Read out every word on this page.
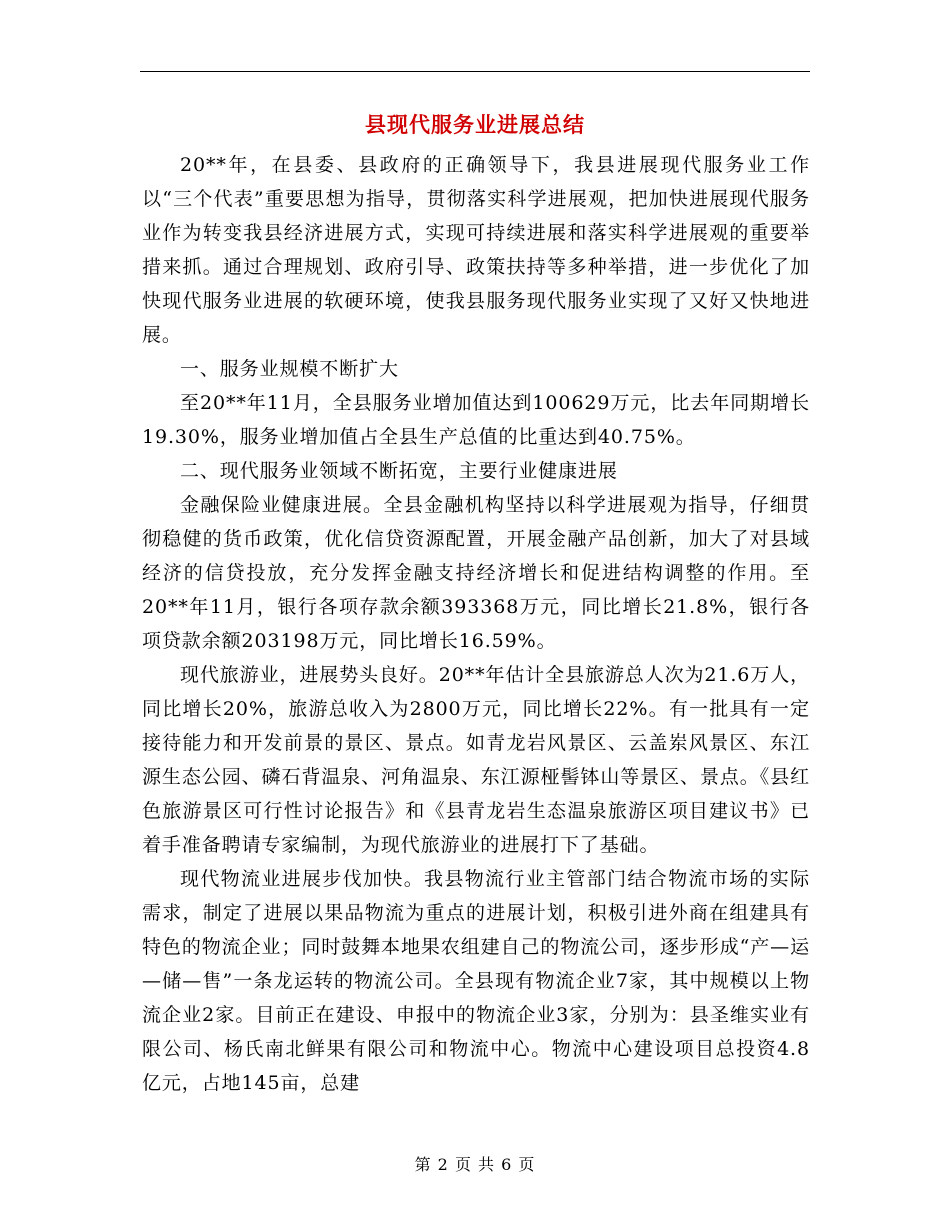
县现代服务业进展总结

20**年，在县委、县政府的正确领导下，我县进展现代服务业工作以“三个代表”重要思想为指导，贯彻落实科学进展观，把加快进展现代服务业作为转变我县经济进展方式，实现可持续进展和落实科学进展观的重要举措来抓。通过合理规划、政府引导、政策扶持等多种举措，进一步优化了加快现代服务业进展的软硬环境，使我县服务现代服务业实现了又好又快地进展。

一、服务业规模不断扩大

至20**年11月，全县服务业增加值达到100629万元，比去年同期增长19.30%，服务业增加值占全县生产总值的比重达到40.75%。

二、现代服务业领域不断拓宽，主要行业健康进展

金融保险业健康进展。全县金融机构坚持以科学进展观为指导，仔细贯彻稳健的货币政策，优化信贷资源配置，开展金融产品创新，加大了对县域经济的信贷投放，充分发挥金融支持经济增长和促进结构调整的作用。至20**年11月，银行各项存款余额393368万元，同比增长21.8%，银行各项贷款余额203198万元，同比增长16.59%。

现代旅游业，进展势头良好。20**年估计全县旅游总人次为21.6万人，同比增长20%，旅游总收入为2800万元，同比增长22%。有一批具有一定接待能力和开发前景的景区、景点。如青龙岩风景区、云盖岽风景区、东江源生态公园、磷石背温泉、河角温泉、东江源桠髻钵山等景区、景点。《县红色旅游景区可行性讨论报告》和《县青龙岩生态温泉旅游区项目建议书》已着手准备聘请专家编制，为现代旅游业的进展打下了基础。

现代物流业进展步伐加快。我县物流行业主管部门结合物流市场的实际需求，制定了进展以果品物流为重点的进展计划，积极引进外商在组建具有特色的物流企业；同时鼓舞本地果农组建自己的物流公司，逐步形成“产—运—储—售”一条龙运转的物流公司。全县现有物流企业7家，其中规模以上物流企业2家。目前正在建设、申报中的物流企业3家，分别为：县圣维实业有限公司、杨氏南北鲜果有限公司和物流中心。物流中心建设项目总投资4.8亿元，占地145亩，总建

第 2 页 共 6 页
